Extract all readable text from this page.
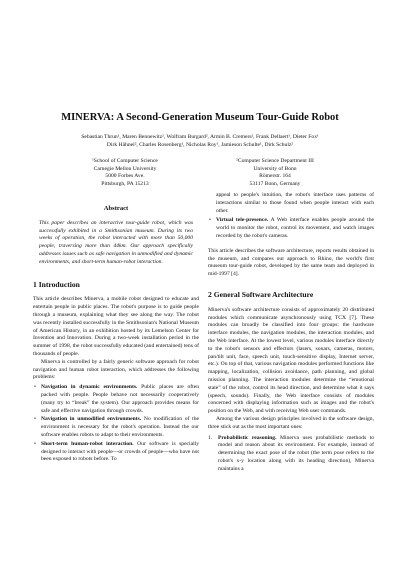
MINERVA: A Second-Generation Museum Tour-Guide Robot
Sebastian Thrun¹, Maren Bennewitz², Wolfram Burgard², Armin B. Cremers², Frank Dellaert¹, Dieter Fox¹
Dirk Hähnel², Charles Rosenberg¹, Nicholas Roy¹, Jamieson Schulte¹, Dirk Schulz²
¹School of Computer Science
Carnegie Mellon University
5000 Forbes Ave.
Pittsburgh, PA 15213
²Computer Science Department III
University of Bonn
Römerstr. 164
53117 Bonn, Germany
Abstract

This paper describes an interactive tour-guide robot, which was successfully exhibited in a Smithsonian museum. During its two weeks of operation, the robot interacted with more than 50,000 people, traversing more than 44km. Our approach specifically addresses issues such as safe navigation in unmodified and dynamic environments, and short-term human-robot interaction.

1 Introduction

This article describes Minerva, a mobile robot designed to educate and entertain people in public places. The robot's purpose is to guide people through a museum, explaining what they see along the way. The robot was recently installed successfully in the Smithsonian's National Museum of American History, in an exhibition hosted by its Lemelson Center for Invention and Innovation. During a two-week installation period in the summer of 1998, the robot successfully educated (and entertained) tens of thousands of people.

Minerva is controlled by a fairly generic software approach for robot navigation and human robot interaction, which addresses the following problems:

• Navigation in dynamic environments. Public places are often packed with people. People behave not necessarily cooperatively (many try to “break” the system). Our approach provides means for safe and effective navigation through crowds.
• Navigation in unmodified environments. No modification of the environment is necessary for the robot's operation. Instead the our software enables robots to adapt to their environments.
• Short-term human-robot interaction. Our software is specially designed to interact with people—or crowds of people—who have not been exposed to robots before. To

appeal to people's intuition, the robot's interface uses patterns of interactions similar to those found when people interact with each other.

• Virtual tele-presence. A Web interface enables people around the world to monitor the robot, control its movement, and watch images recorded by the robot's cameras.

This article describes the software architecture, reports results obtained in the museum, and compares our approach to Rhino, the world's first museum tour-guide robot, developed by the same team and deployed in mid-1997 [4].

2 General Software Architecture

Minerva's software architecture consists of approximately 20 distributed modules which communicate asynchronously using TCX [7]. These modules can broadly be classified into four groups: the hardware interface modules, the navigation modules, the interaction modules, and the Web interface. At the lowest level, various modules interface directly to the robot's sensors and effectors (lasers, sonars, cameras, motors, pan/tilt unit, face, speech unit, touch-sensitive display, Internet server, etc.). On top of that, various navigation modules performed functions like mapping, localization, collision avoidance, path planning, and global mission planning. The interaction modules determine the “emotional state” of the robot, control its head direction, and determine what it says (speech, sounds). Finally, the Web interface consists of modules concerned with displaying information such as images and the robot's position on the Web, and with receiving Web user commands.

Among the various design principles involved in the software design, three stick out as the most important ones:

1. Probabilistic reasoning. Minerva uses probabilistic methods to model and reason about its environment. For example, instead of determining the exact pose of the robot (the term pose refers to the robot's x-y location along with its heading direction), Minerva maintains a
